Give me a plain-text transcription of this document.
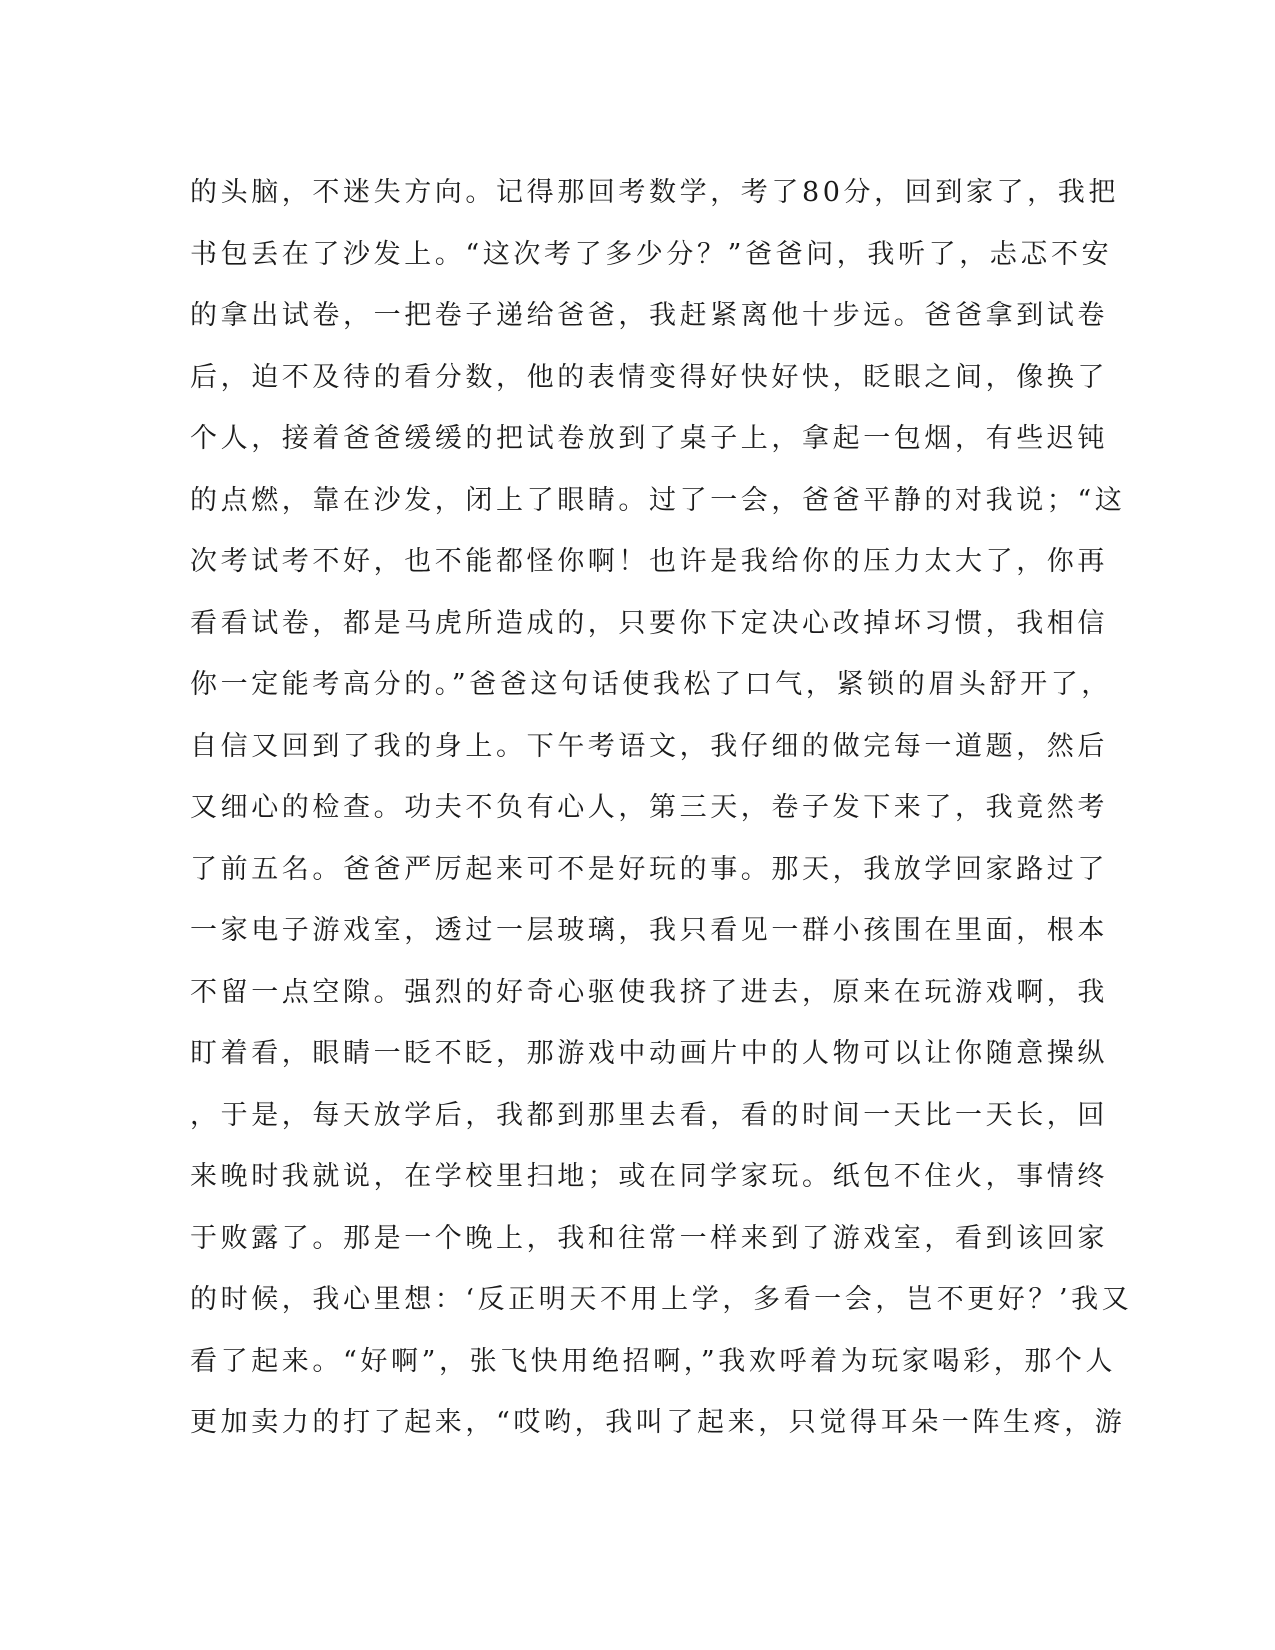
的头脑，不迷失方向。记得那回考数学，考了80分，回到家了，我把
书包丢在了沙发上。“这次考了多少分？”爸爸问，我听了，忐忑不安
的拿出试卷，一把卷子递给爸爸，我赶紧离他十步远。爸爸拿到试卷
后，迫不及待的看分数，他的表情变得好快好快，眨眼之间，像换了
个人，接着爸爸缓缓的把试卷放到了桌子上，拿起一包烟，有些迟钝
的点燃，靠在沙发，闭上了眼睛。过了一会，爸爸平静的对我说；“这
次考试考不好，也不能都怪你啊！也许是我给你的压力太大了，你再
看看试卷，都是马虎所造成的，只要你下定决心改掉坏习惯，我相信
你一定能考高分的。”爸爸这句话使我松了口气，紧锁的眉头舒开了，
自信又回到了我的身上。下午考语文，我仔细的做完每一道题，然后
又细心的检查。功夫不负有心人，第三天，卷子发下来了，我竟然考
了前五名。爸爸严厉起来可不是好玩的事。那天，我放学回家路过了
一家电子游戏室，透过一层玻璃，我只看见一群小孩围在里面，根本
不留一点空隙。强烈的好奇心驱使我挤了进去，原来在玩游戏啊，我
盯着看，眼睛一眨不眨，那游戏中动画片中的人物可以让你随意操纵
，于是，每天放学后，我都到那里去看，看的时间一天比一天长，回
来晚时我就说，在学校里扫地；或在同学家玩。纸包不住火，事情终
于败露了。那是一个晚上，我和往常一样来到了游戏室，看到该回家
的时候，我心里想：‘反正明天不用上学，多看一会，岂不更好？’我又
看了起来。“好啊”，张飞快用绝招啊，”我欢呼着为玩家喝彩，那个人
更加卖力的打了起来，“哎哟，我叫了起来，只觉得耳朵一阵生疼，游
